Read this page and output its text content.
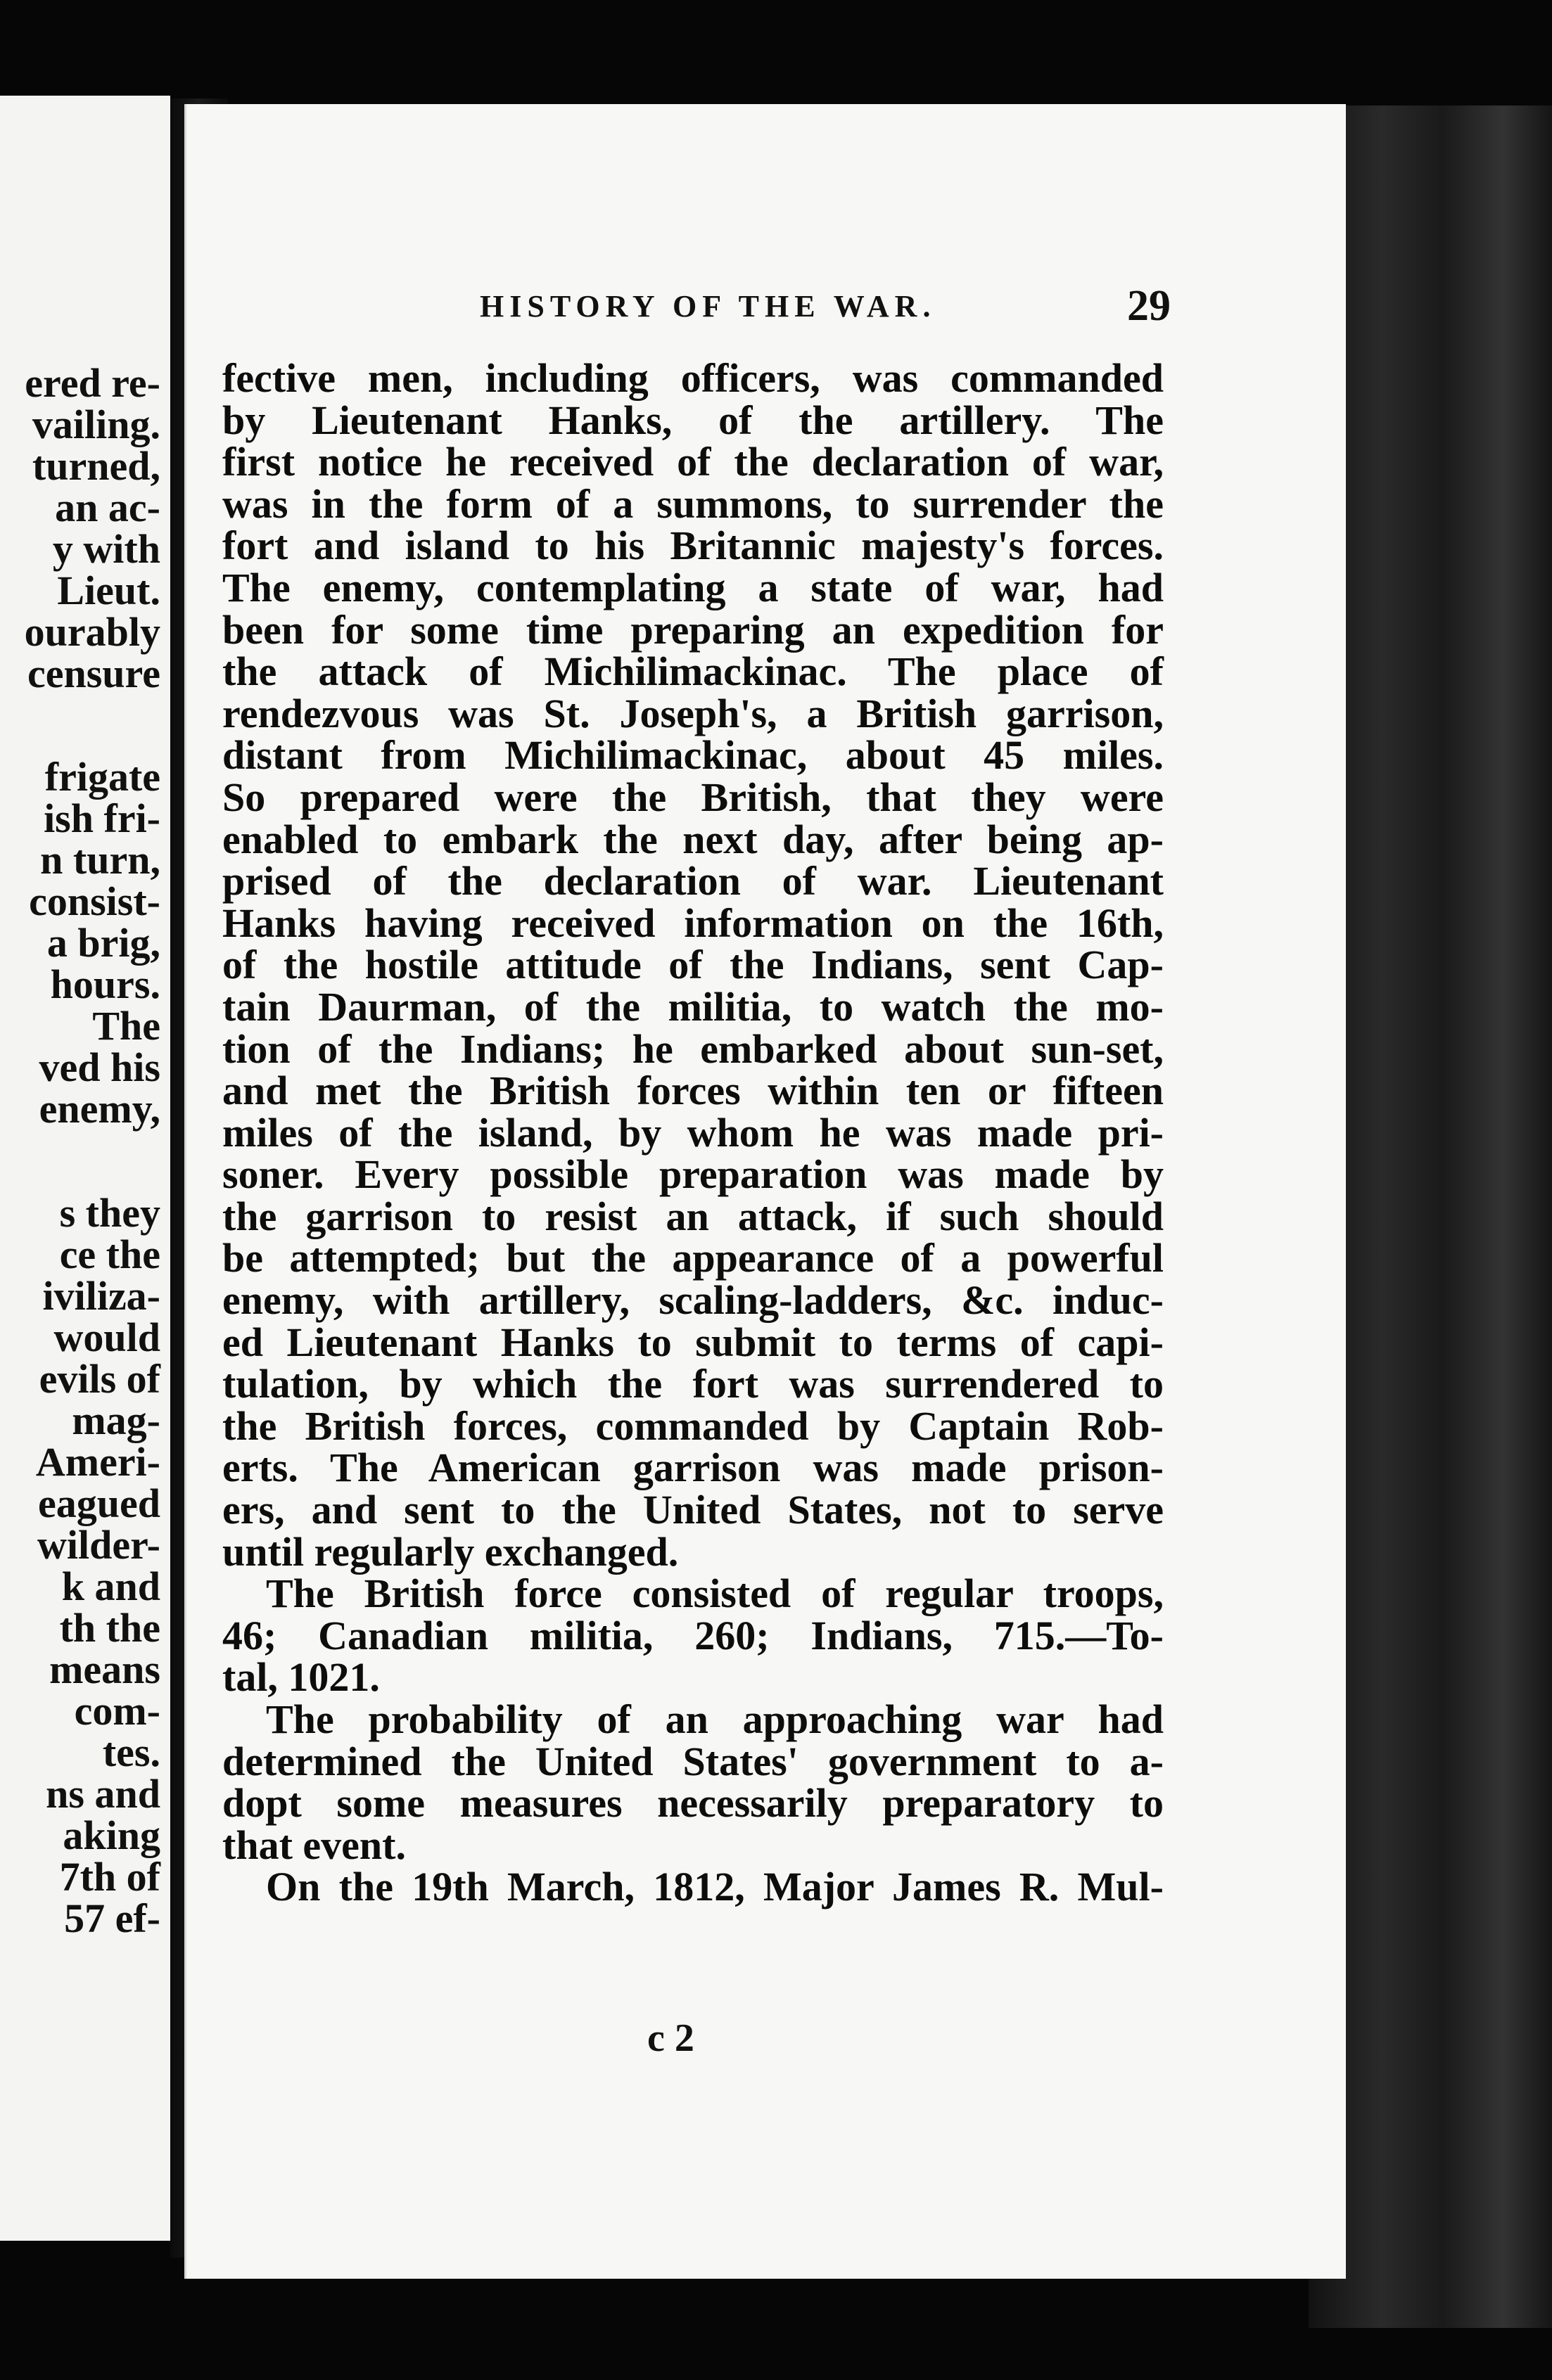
ered re-
vailing.
turned,
an ac-
y with
Lieut.
ourably
censure
frigate
ish fri-
n turn,
consist-
a brig,
hours.
The
ved his
enemy,
s they
ce the
iviliza-
would
evils of
mag-
Ameri-
eagued
wilder-
k and
th the
means
com-
tes.
ns and
aking
7th of
57 ef-
HISTORY OF THE WAR.	29
fective men, including officers, was commanded
by Lieutenant Hanks, of the artillery. The
first notice he received of the declaration of war,
was in the form of a summons, to surrender the
fort and island to his Britannic majesty's forces.
The enemy, contemplating a state of war, had
been for some time preparing an expedition for
the attack of Michilimackinac. The place of
rendezvous was St. Joseph's, a British garrison,
distant from Michilimackinac, about 45 miles.
So prepared were the British, that they were
enabled to embark the next day, after being ap-
prised of the declaration of war. Lieutenant
Hanks having received information on the 16th,
of the hostile attitude of the Indians, sent Cap-
tain Daurman, of the militia, to watch the mo-
tion of the Indians; he embarked about sun-set,
and met the British forces within ten or fifteen
miles of the island, by whom he was made pri-
soner. Every possible preparation was made by
the garrison to resist an attack, if such should
be attempted; but the appearance of a powerful
enemy, with artillery, scaling-ladders, &c. induc-
ed Lieutenant Hanks to submit to terms of capi-
tulation, by which the fort was surrendered to
the British forces, commanded by Captain Rob-
erts. The American garrison was made prison-
ers, and sent to the United States, not to serve
until regularly exchanged.
The British force consisted of regular troops,
46; Canadian militia, 260; Indians, 715.—To-
tal, 1021.
The probability of an approaching war had
determined the United States' government to a-
dopt some measures necessarily preparatory to
that event.
On the 19th March, 1812, Major James R. Mul-
c 2
